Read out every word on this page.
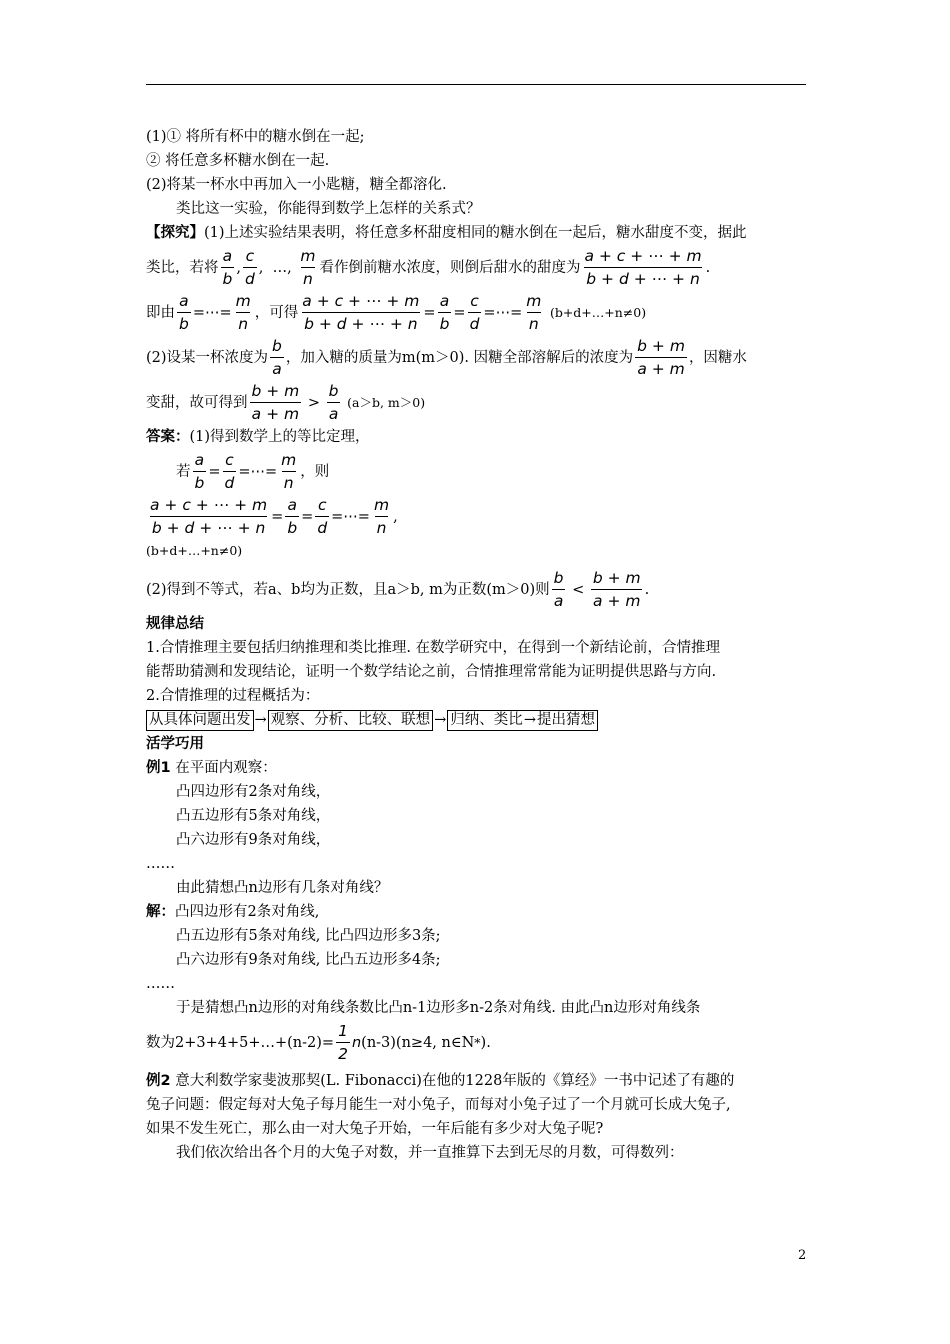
(1)① 将所有杯中的糖水倒在一起;
② 将任意多杯糖水倒在一起.
(2)将某一杯水中再加入一小匙糖，糖全都溶化.
类比这一实验，你能得到数学上怎样的关系式？
【探究】(1)上述实验结果表明，将任意多杯甜度相同的糖水倒在一起后，糖水甜度不变，据此
类比，若将 $\frac{a}{b}$ , $\frac{c}{d}$ ,  …, $\frac{m}{n}$ 看作倒前糖水浓度，则倒后甜水的甜度为 $\frac{a + c + \cdots + m}{b + d + \cdots + n}$ .
即由 $\frac{a}{b}$ =⋯= $\frac{m}{n}$ ，可得 $\frac{a + c + \cdots + m}{b + d + \cdots + n} = \frac{a}{b} = \frac{c}{d}$ =⋯= $\frac{m}{n}$
(b+d+…+n≠0)
(2)设某一杯浓度为 $\frac{b}{a}$ ，加入糖的质量为m(m＞0). 因糖全部溶解后的浓度为 $\frac{b + m}{a + m}$ ，因糖水
变甜，故可得到 $\frac{b + m}{a + m} > \frac{b}{a}$
(a＞b, m＞0)
答案：(1)得到数学上的等比定理，
若 $\frac{a}{b} = \frac{c}{d}$ =⋯= $\frac{m}{n}$ ，则
$\frac{a + c + \cdots + m}{b + d + \cdots + n} = \frac{a}{b} = \frac{c}{d}$ =⋯= $\frac{m}{n}$ ,
(b+d+…+n≠0)
(2)得到不等式，若a、b均为正数，且a＞b, m为正数(m＞0)则 $\frac{b}{a} < \frac{b + m}{a + m}$ .
规律总结
1.合情推理主要包括归纳推理和类比推理. 在数学研究中，在得到一个新结论前，合情推理
能帮助猜测和发现结论，证明一个数学结论之前，合情推理常常能为证明提供思路与方向.
2.合情推理的过程概括为：
从具体问题出发 → 观察、分析、比较、联想 → 归纳、类比→提出猜想
活学巧用
例1 在平面内观察：
凸四边形有2条对角线，
凸五边形有5条对角线，
凸六边形有9条对角线，
……
由此猜想凸n边形有几条对角线？
解：凸四边形有2条对角线,
凸五边形有5条对角线, 比凸四边形多3条;
凸六边形有9条对角线, 比凸五边形多4条;
……
于是猜想凸n边形的对角线条数比凸n-1边形多n-2条对角线. 由此凸n边形对角线条
数为2+3+4+5+…+(n-2)= $\frac{1}{2}$ n (n-3)(n≥4, n∈N * ).
例2 意大利数学家斐波那契(L. Fibonacci)在他的1228年版的《算经》一书中记述了有趣的
兔子问题：假定每对大兔子每月能生一对小兔子，而每对小兔子过了一个月就可长成大兔子,
如果不发生死亡，那么由一对大兔子开始，一年后能有多少对大兔子呢?
我们依次给出各个月的大兔子对数，并一直推算下去到无尽的月数，可得数列：
2
